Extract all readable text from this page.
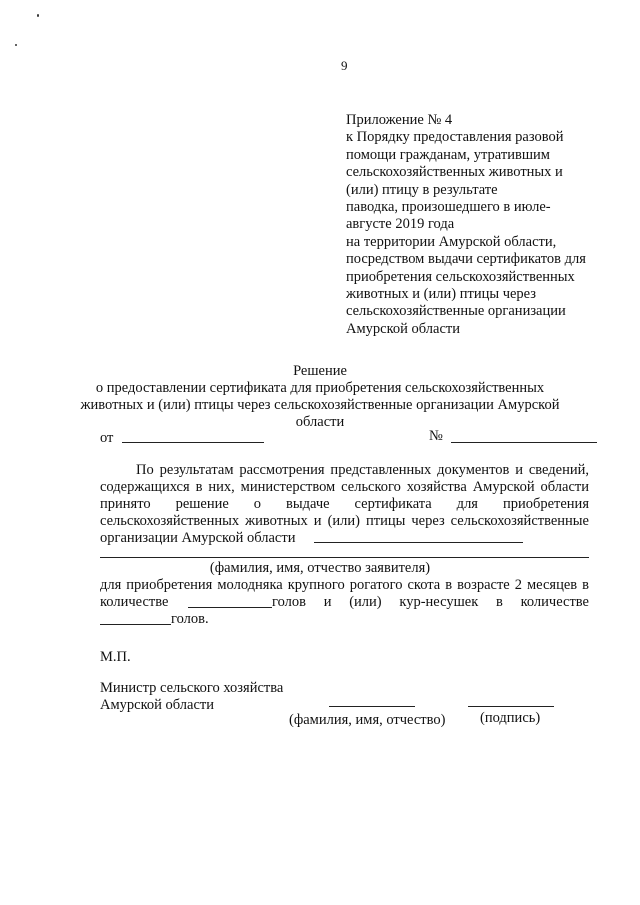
9
Приложение № 4
к Порядку предоставления разовой
помощи гражданам, утратившим
сельскохозяйственных животных и
(или) птицу в результате
паводка, произошедшего в июле-
августе 2019 года
на территории Амурской области,
посредством выдачи сертификатов для
приобретения сельскохозяйственных
животных и (или) птицы через
сельскохозяйственные организации
Амурской области
Решение
о предоставлении сертификата для приобретения сельскохозяйственных
животных и (или) птицы через сельскохозяйственные организации Амурской
области
от	№
По результатам рассмотрения представленных документов и сведений,
содержащихся в них, министерством сельского хозяйства Амурской области
принято решение о выдаче сертификата для приобретения
сельскохозяйственных животных и (или) птицы через сельскохозяйственные
организации Амурской области
(фамилия, имя, отчество заявителя)
для приобретения молодняка крупного рогатого скота в возрасте 2 месяцев в
количестве	голов и (или) кур-несушек в количестве
голов.
М.П.
Министр сельского хозяйства
Амурской области
(фамилия, имя, отчество) (подпись)
